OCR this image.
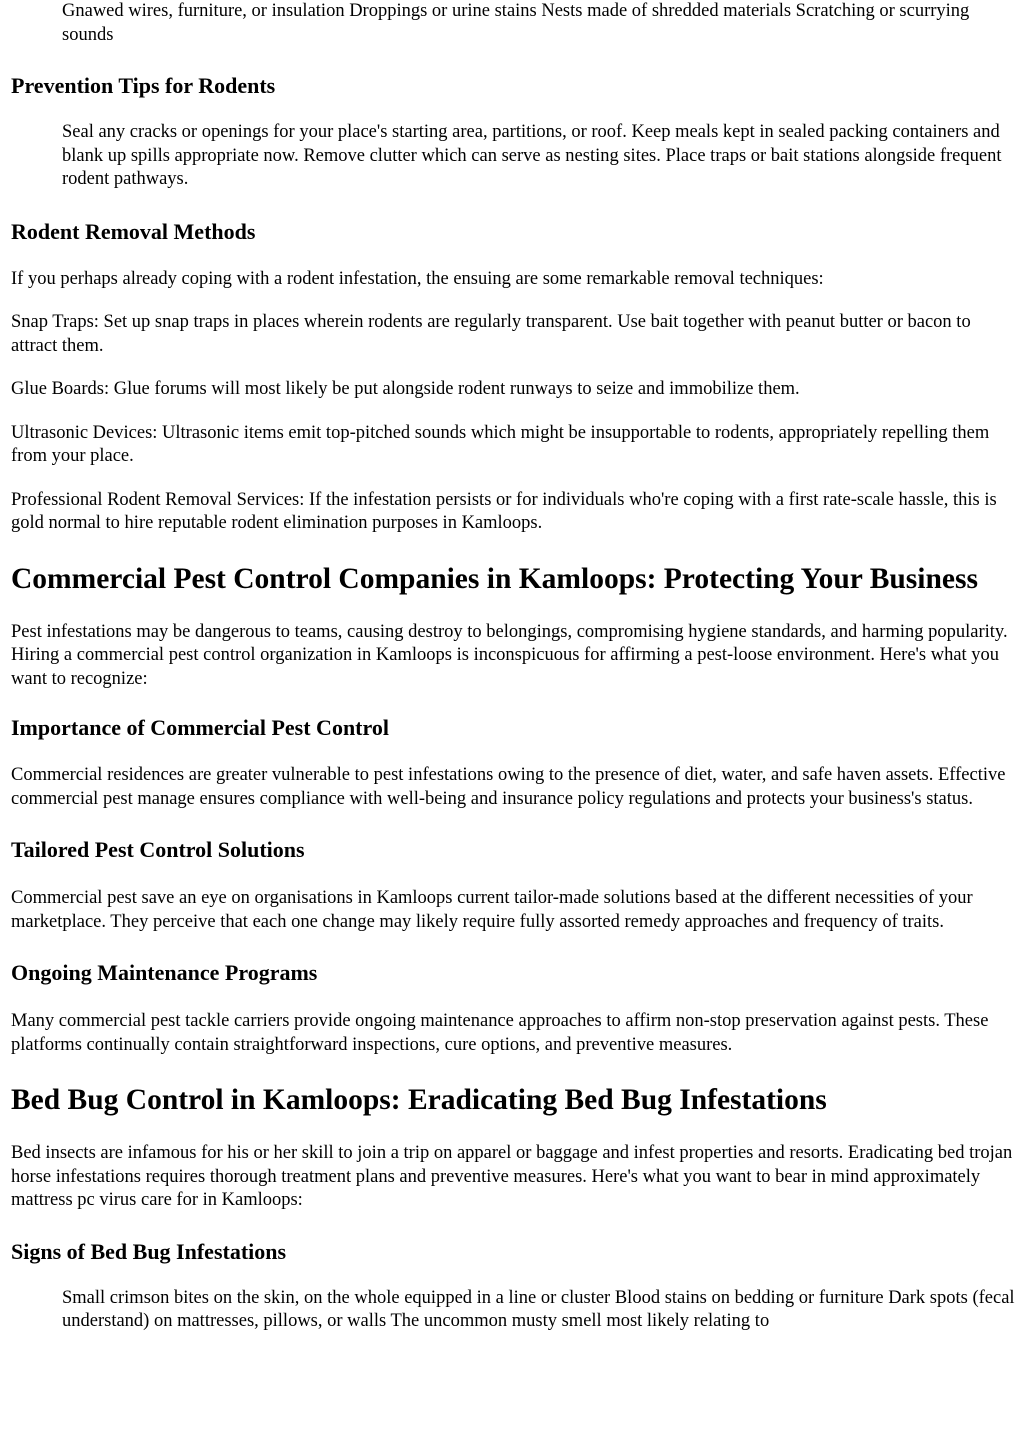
Gnawed wires, furniture, or insulation Droppings or urine stains Nests made of shredded materials Scratching or scurrying sounds
Prevention Tips for Rodents
Seal any cracks or openings for your place's starting area, partitions, or roof. Keep meals kept in sealed packing containers and blank up spills appropriate now. Remove clutter which can serve as nesting sites. Place traps or bait stations alongside frequent rodent pathways.
Rodent Removal Methods

If you perhaps already coping with a rodent infestation, the ensuing are some remarkable removal techniques:

Snap Traps: Set up snap traps in places wherein rodents are regularly transparent. Use bait together with peanut butter or bacon to attract them.

Glue Boards: Glue forums will most likely be put alongside rodent runways to seize and immobilize them.

Ultrasonic Devices: Ultrasonic items emit top-pitched sounds which might be insupportable to rodents, appropriately repelling them from your place.

Professional Rodent Removal Services: If the infestation persists or for individuals who're coping with a first rate-scale hassle, this is gold normal to hire reputable rodent elimination purposes in Kamloops.

Commercial Pest Control Companies in Kamloops: Protecting Your Business

Pest infestations may be dangerous to teams, causing destroy to belongings, compromising hygiene standards, and harming popularity. Hiring a commercial pest control organization in Kamloops is inconspicuous for affirming a pest-loose environment. Here's what you want to recognize:

Importance of Commercial Pest Control

Commercial residences are greater vulnerable to pest infestations owing to the presence of diet, water, and safe haven assets. Effective commercial pest manage ensures compliance with well-being and insurance policy regulations and protects your business's status.

Tailored Pest Control Solutions

Commercial pest save an eye on organisations in Kamloops current tailor-made solutions based at the different necessities of your marketplace. They perceive that each one change may likely require fully assorted remedy approaches and frequency of traits.

Ongoing Maintenance Programs

Many commercial pest tackle carriers provide ongoing maintenance approaches to affirm non-stop preservation against pests. These platforms continually contain straightforward inspections, cure options, and preventive measures.

Bed Bug Control in Kamloops: Eradicating Bed Bug Infestations

Bed insects are infamous for his or her skill to join a trip on apparel or baggage and infest properties and resorts. Eradicating bed trojan horse infestations requires thorough treatment plans and preventive measures. Here's what you want to bear in mind approximately mattress pc virus care for in Kamloops:

Signs of Bed Bug Infestations
Small crimson bites on the skin, on the whole equipped in a line or cluster Blood stains on bedding or furniture Dark spots (fecal understand) on mattresses, pillows, or walls The uncommon musty smell most likely relating to
